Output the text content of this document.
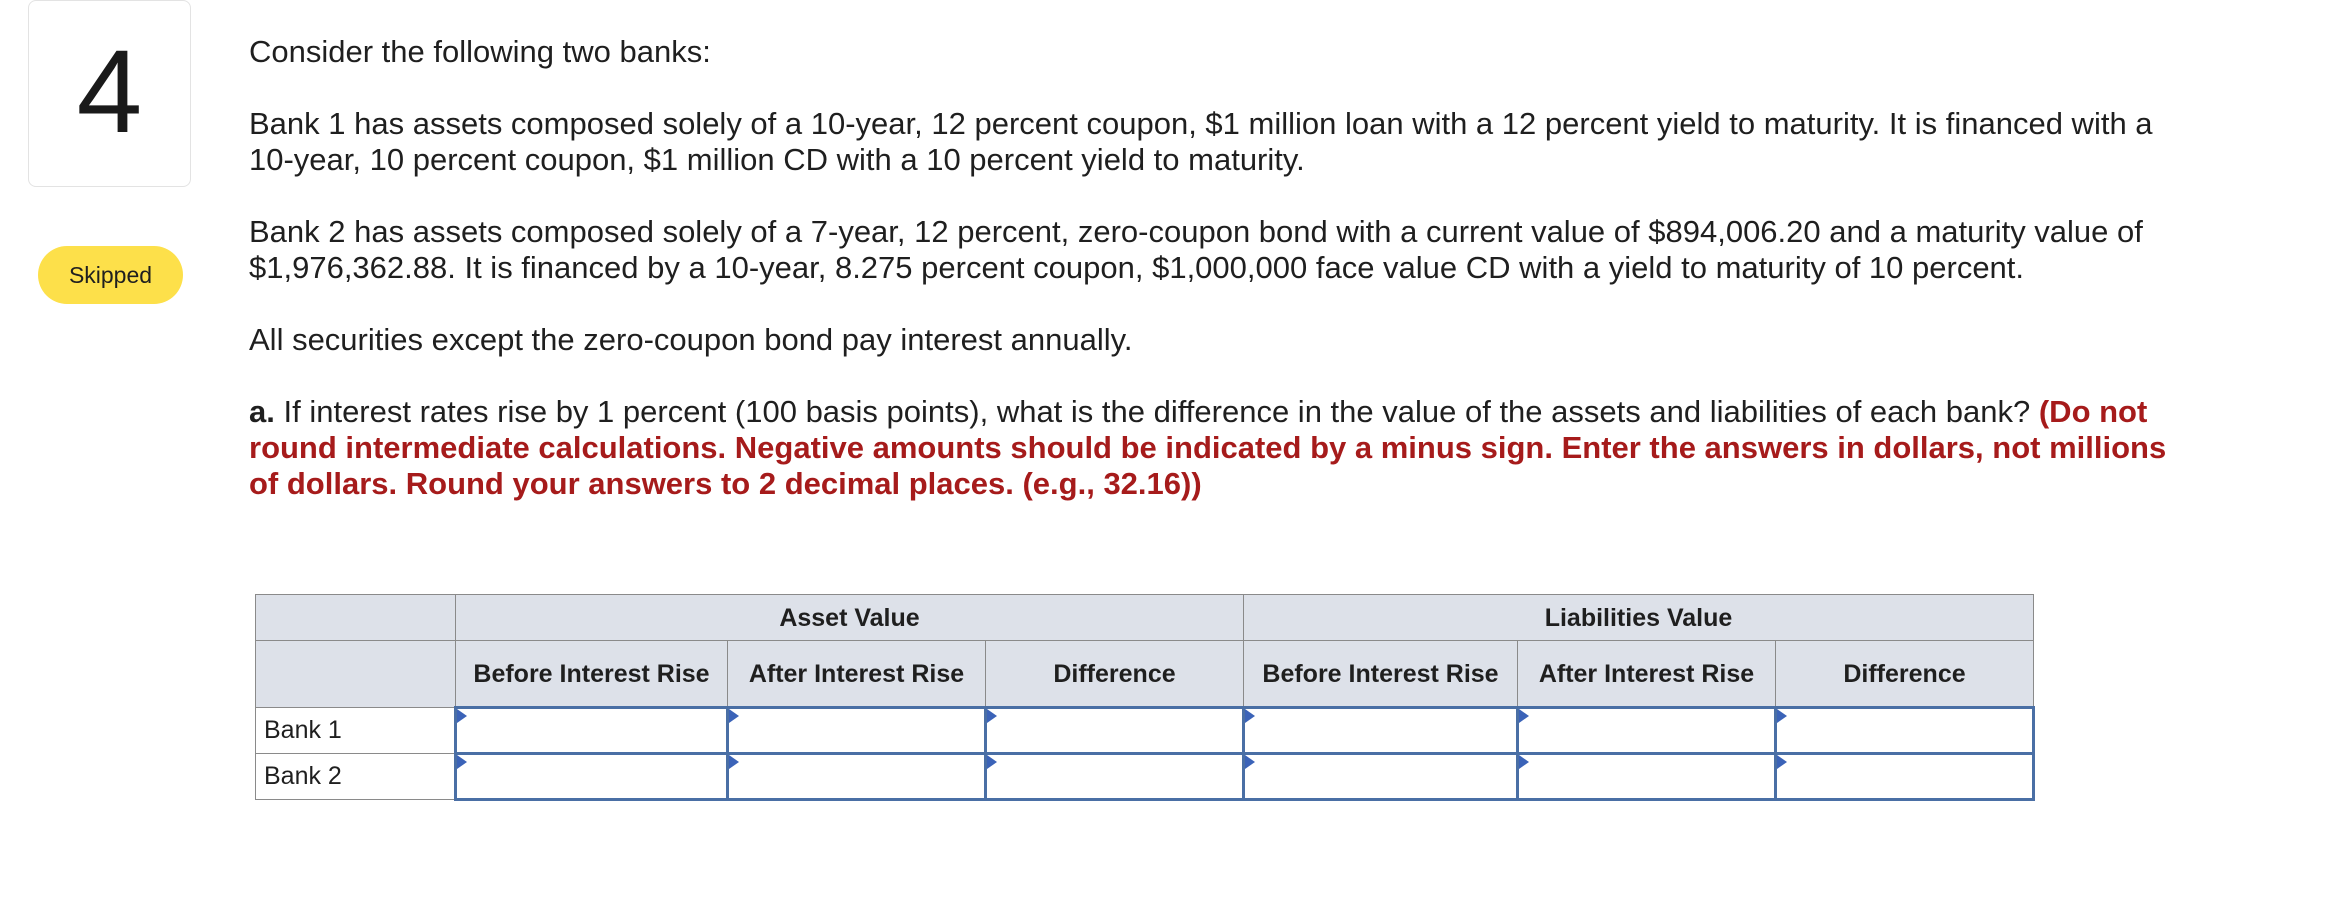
4
Skipped

Consider the following two banks:

Bank 1 has assets composed solely of a 10-year, 12 percent coupon, $1 million loan with a 12 percent yield to maturity. It is financed with a 10-year, 10 percent coupon, $1 million CD with a 10 percent yield to maturity.

Bank 2 has assets composed solely of a 7-year, 12 percent, zero-coupon bond with a current value of $894,006.20 and a maturity value of $1,976,362.88. It is financed by a 10-year, 8.275 percent coupon, $1,000,000 face value CD with a yield to maturity of 10 percent.

All securities except the zero-coupon bond pay interest annually.

a. If interest rates rise by 1 percent (100 basis points), what is the difference in the value of the assets and liabilities of each bank? (Do not round intermediate calculations. Negative amounts should be indicated by a minus sign. Enter the answers in dollars, not millions of dollars. Round your answers to 2 decimal places. (e.g., 32.16))

	Asset Value			Liabilities Value		
	Before Interest Rise	After Interest Rise	Difference	Before Interest Rise	After Interest Rise	Difference
Bank 1	

Bank 2	
